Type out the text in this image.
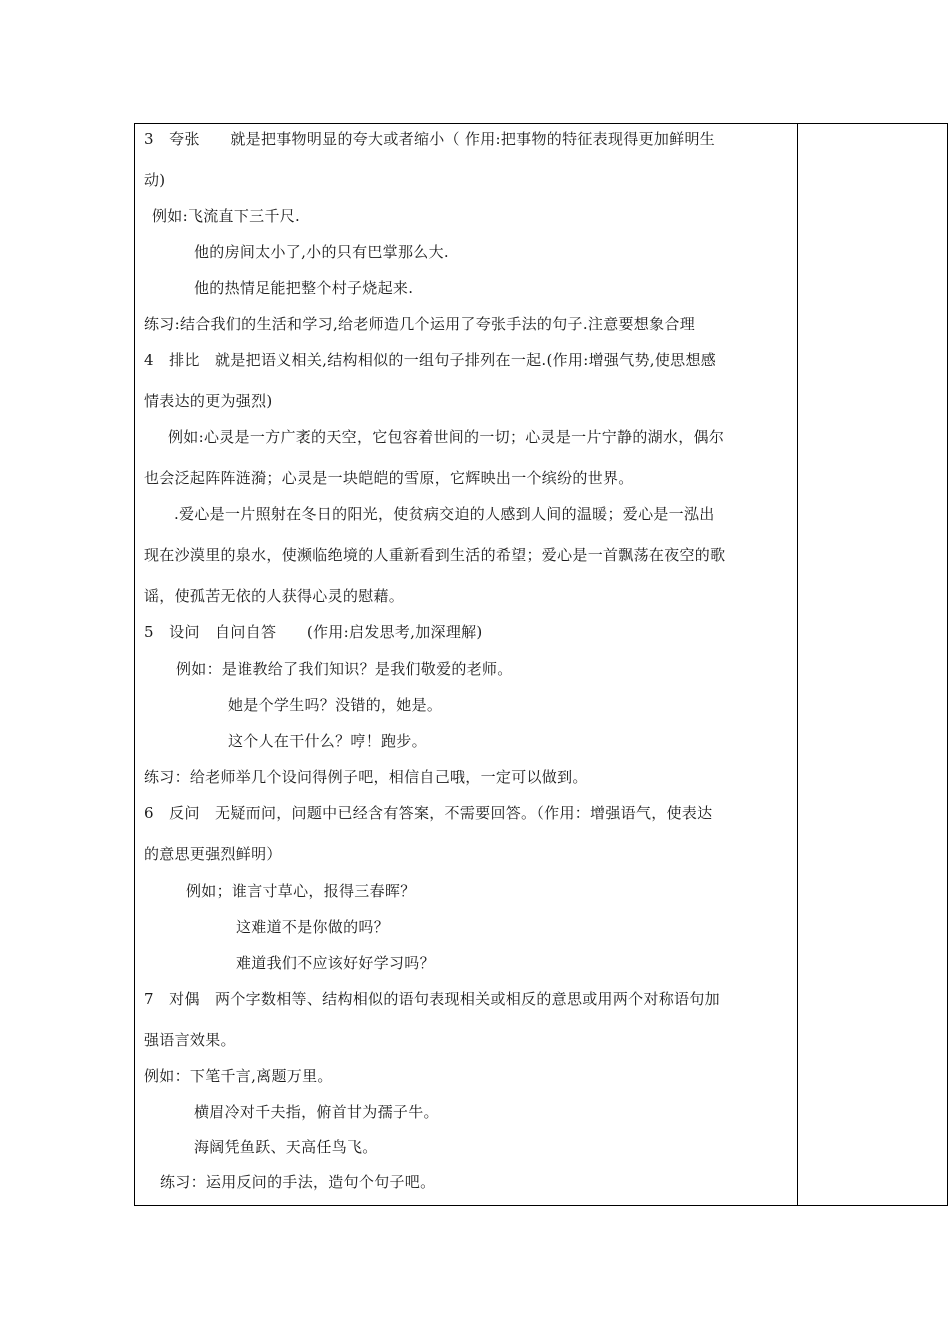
3　夸张　　就是把事物明显的夸大或者缩小（ 作用:把事物的特征表现得更加鲜明生
动)
例如:飞流直下三千尺.
他的房间太小了,小的只有巴掌那么大.
他的热情足能把整个村子烧起来.
练习:结合我们的生活和学习,给老师造几个运用了夸张手法的句子.注意要想象合理
4　排比　就是把语义相关,结构相似的一组句子排列在一起.(作用:增强气势,使思想感
情表达的更为强烈)
例如:心灵是一方广袤的天空，它包容着世间的一切；心灵是一片宁静的湖水，偶尔
也会泛起阵阵涟漪；心灵是一块皑皑的雪原，它辉映出一个缤纷的世界。
.爱心是一片照射在冬日的阳光，使贫病交迫的人感到人间的温暖；爱心是一泓出
现在沙漠里的泉水，使濒临绝境的人重新看到生活的希望；爱心是一首飘荡在夜空的歌
谣，使孤苦无依的人获得心灵的慰藉。
5　设问　自问自答　　(作用:启发思考,加深理解)
例如：是谁教给了我们知识？是我们敬爱的老师。
她是个学生吗？没错的，她是。
这个人在干什么？哼！跑步。
练习：给老师举几个设问得例子吧，相信自己哦，一定可以做到。
6　反问　无疑而问，问题中已经含有答案，不需要回答。（作用：增强语气，使表达
的意思更强烈鲜明）
例如；谁言寸草心，报得三春晖？
这难道不是你做的吗？
难道我们不应该好好学习吗？
7　对偶　两个字数相等、结构相似的语句表现相关或相反的意思或用两个对称语句加
强语言效果。
例如：下笔千言,离题万里。
横眉冷对千夫指，俯首甘为孺子牛。
海阔凭鱼跃、天高任鸟飞。
练习：运用反问的手法，造句个句子吧。
